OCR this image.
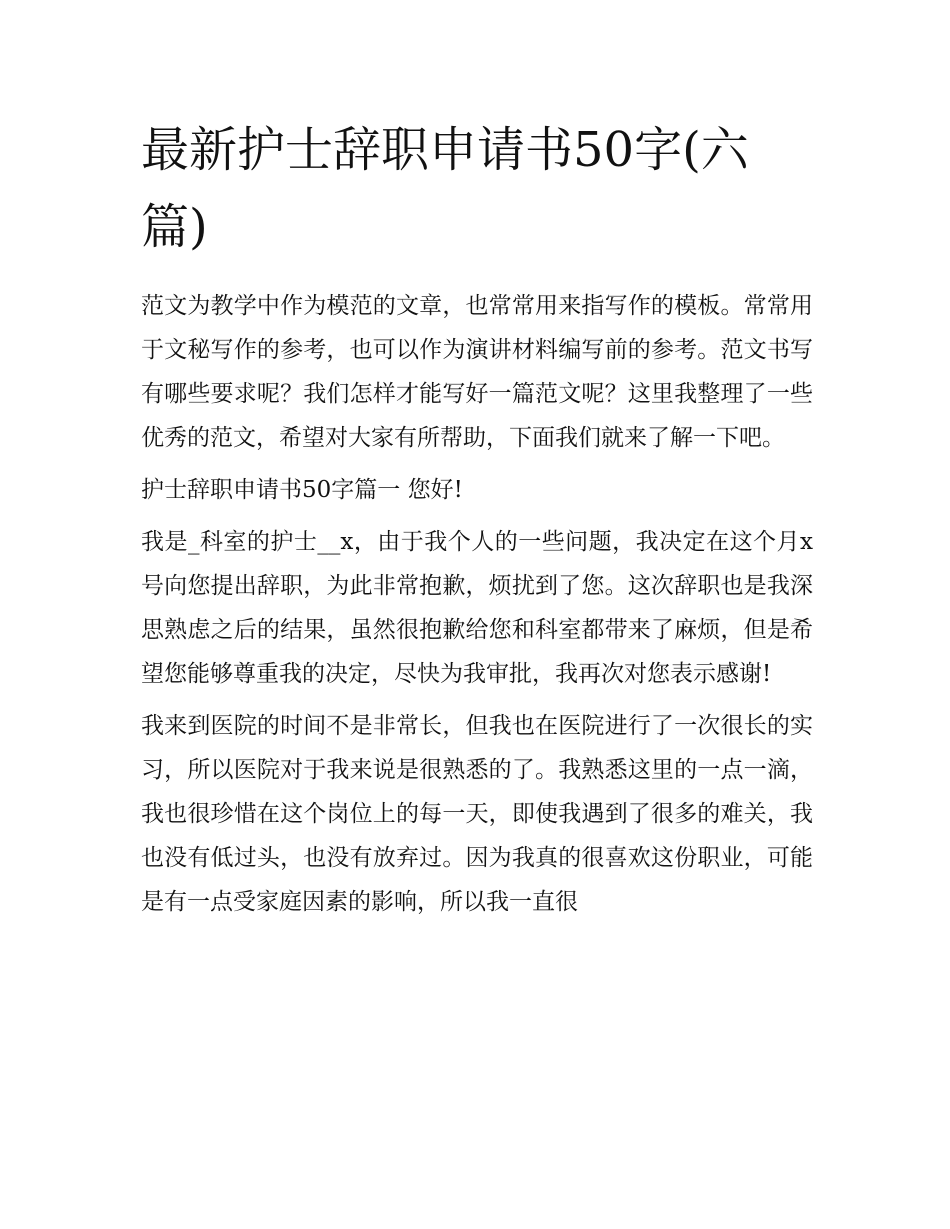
最新护士辞职申请书50字(六篇)

范文为教学中作为模范的文章，也常常用来指写作的模板。常常用于文秘写作的参考，也可以作为演讲材料编写前的参考。范文书写有哪些要求呢？我们怎样才能写好一篇范文呢？这里我整理了一些优秀的范文，希望对大家有所帮助，下面我们就来了解一下吧。

护士辞职申请书50字篇一 您好!

我是_科室的护士__x，由于我个人的一些问题，我决定在这个月x号向您提出辞职，为此非常抱歉，烦扰到了您。这次辞职也是我深思熟虑之后的结果，虽然很抱歉给您和科室都带来了麻烦，但是希望您能够尊重我的决定，尽快为我审批，我再次对您表示感谢!

我来到医院的时间不是非常长，但我也在医院进行了一次很长的实习，所以医院对于我来说是很熟悉的了。我熟悉这里的一点一滴，我也很珍惜在这个岗位上的每一天，即使我遇到了很多的难关，我也没有低过头，也没有放弃过。因为我真的很喜欢这份职业，可能是有一点受家庭因素的影响，所以我一直很
